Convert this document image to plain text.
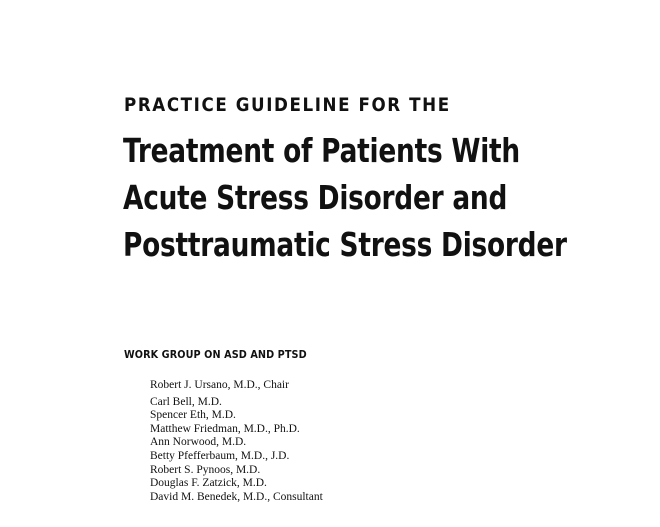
PRACTICE GUIDELINE FOR THE
Treatment of Patients With
Acute Stress Disorder and
Posttraumatic Stress Disorder
WORK GROUP ON ASD AND PTSD
Robert J. Ursano, M.D., Chair
Carl Bell, M.D.
Spencer Eth, M.D.
Matthew Friedman, M.D., Ph.D.
Ann Norwood, M.D.
Betty Pfefferbaum, M.D., J.D.
Robert S. Pynoos, M.D.
Douglas F. Zatzick, M.D.
David M. Benedek, M.D., Consultant
